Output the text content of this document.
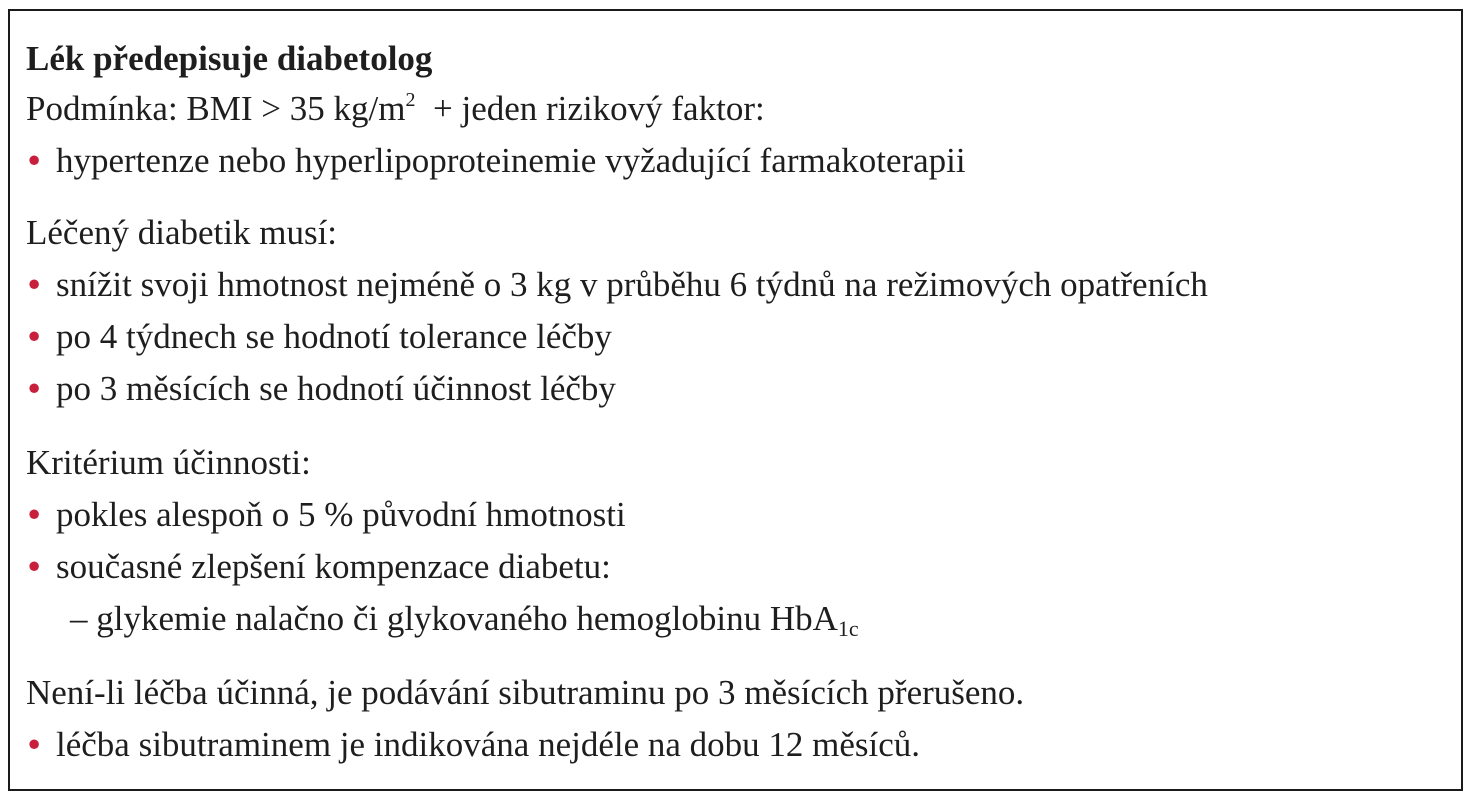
Lék předepisuje diabetolog
Podmínka: BMI > 35 $kg/m^2$  + jeden rizikový faktor:
• hypertenze nebo hyperlipoproteinemie vyžadující farmakoterapii
Léčený diabetik musí:
• snížit svoji hmotnost nejméně o 3 kg v průběhu 6 týdnů na režimových opatřeních
• po 4 týdnech se hodnotí tolerance léčby
• po 3 měsících se hodnotí účinnost léčby
Kritérium účinnosti:
• pokles alespoň o 5 % původní hmotnosti
• současné zlepšení kompenzace diabetu:
– glykemie nalačno či glykovaného hemoglobinu HbA$_{1c}$
Není-li léčba účinná, je podávání sibutraminu po 3 měsících přerušeno.
• léčba sibutraminem je indikována nejdéle na dobu 12 měsíců.
